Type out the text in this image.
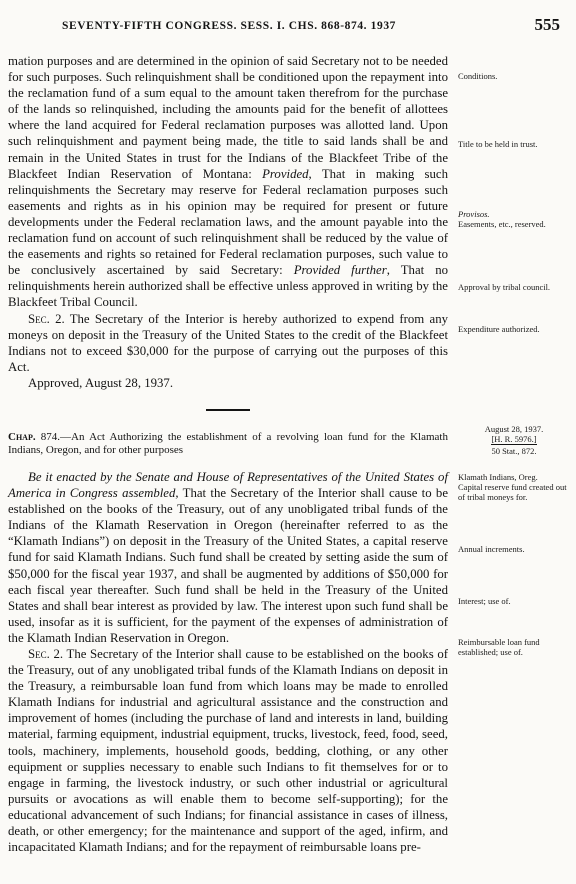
SEVENTY-FIFTH CONGRESS. SESS. I. CHS. 868-874. 1937	555

mation purposes and are determined in the opinion of said Secretary not to be needed for such purposes. Such relinquishment shall be conditioned upon the repayment into the reclamation fund of a sum equal to the amount taken therefrom for the purchase of the lands so relinquished, including the amounts paid for the benefit of allottees where the land acquired for Federal reclamation purposes was allotted land. Upon such relinquishment and payment being made, the title to said lands shall be and remain in the United States in trust for the Indians of the Blackfeet Tribe of the Blackfeet Indian Reservation of Montana: Provided, That in making such relinquishments the Secretary may reserve for Federal reclamation purposes such easements and rights as in his opinion may be required for present or future developments under the Federal reclamation laws, and the amount payable into the reclamation fund on account of such relinquishment shall be reduced by the value of the easements and rights so retained for Federal reclamation purposes, such value to be conclusively ascertained by said Secretary: Provided further, That no relinquishments herein authorized shall be effective unless approved in writing by the Blackfeet Tribal Council.

Sec. 2. The Secretary of the Interior is hereby authorized to expend from any moneys on deposit in the Treasury of the United States to the credit of the Blackfeet Indians not to exceed $30,000 for the purpose of carrying out the purposes of this Act.

Approved, August 28, 1937.

Chap. 874.—An Act Authorizing the establishment of a revolving loan fund for the Klamath Indians, Oregon, and for other purposes

Be it enacted by the Senate and House of Representatives of the United States of America in Congress assembled, That the Secretary of the Interior shall cause to be established on the books of the Treasury, out of any unobligated tribal funds of the Indians of the Klamath Reservation in Oregon (hereinafter referred to as the “Klamath Indians”) on deposit in the Treasury of the United States, a capital reserve fund for said Klamath Indians. Such fund shall be created by setting aside the sum of $50,000 for the fiscal year 1937, and shall be augmented by additions of $50,000 for each fiscal year thereafter. Such fund shall be held in the Treasury of the United States and shall bear interest as provided by law. The interest upon such fund shall be used, insofar as it is sufficient, for the payment of the expenses of administration of the Klamath Indian Reservation in Oregon.

Sec. 2. The Secretary of the Interior shall cause to be established on the books of the Treasury, out of any unobligated tribal funds of the Klamath Indians on deposit in the Treasury, a reimbursable loan fund from which loans may be made to enrolled Klamath Indians for industrial and agricultural assistance and the construction and improvement of homes (including the purchase of land and interests in land, building material, farming equipment, industrial equipment, trucks, livestock, feed, food, seed, tools, machinery, implements, household goods, bedding, clothing, or any other equipment or supplies necessary to enable such Indians to fit themselves for or to engage in farming, the livestock industry, or such other industrial or agricultural pursuits or avocations as will enable them to become self-supporting); for the educational advancement of such Indians; for financial assistance in cases of illness, death, or other emergency; for the maintenance and support of the aged, infirm, and incapacitated Klamath Indians; and for the repayment of reimbursable loans pre-

Conditions.
Title to be held in trust.

Provisos.

Easements, etc., reserved.

Approval by tribal council.
Expenditure authorized.

August 28, 1937.

[H. R. 5976.]

50 Stat., 872.

Klamath Indians, Oreg.

Capital reserve fund created out of tribal moneys for.

Annual increments.
Interest; use of.
Reimbursable loan fund established; use of.
